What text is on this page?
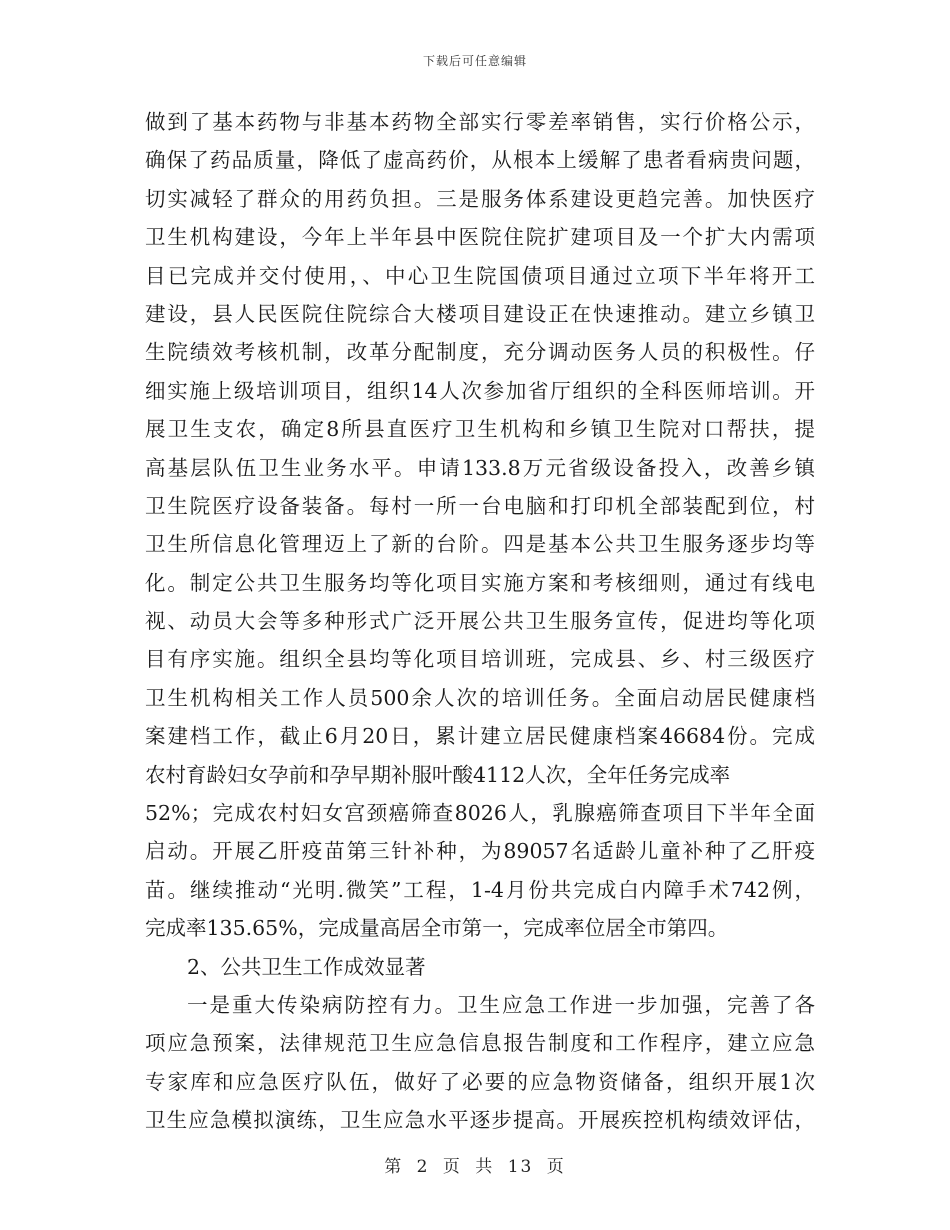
下载后可任意编辑
做到了基本药物与非基本药物全部实行零差率销售，实行价格公示，
确保了药品质量，降低了虚高药价，从根本上缓解了患者看病贵问题，
切实减轻了群众的用药负担。三是服务体系建设更趋完善。加快医疗
卫生机构建设，今年上半年县中医院住院扩建项目及一个扩大内需项
目已完成并交付使用，、中心卫生院国债项目通过立项下半年将开工
建设，县人民医院住院综合大楼项目建设正在快速推动。建立乡镇卫
生院绩效考核机制，改革分配制度，充分调动医务人员的积极性。仔
细实施上级培训项目，组织14人次参加省厅组织的全科医师培训。开
展卫生支农，确定8所县直医疗卫生机构和乡镇卫生院对口帮扶，提
高基层队伍卫生业务水平。申请133.8万元省级设备投入，改善乡镇
卫生院医疗设备装备。每村一所一台电脑和打印机全部装配到位，村
卫生所信息化管理迈上了新的台阶。四是基本公共卫生服务逐步均等
化。制定公共卫生服务均等化项目实施方案和考核细则，通过有线电
视、动员大会等多种形式广泛开展公共卫生服务宣传，促进均等化项
目有序实施。组织全县均等化项目培训班，完成县、乡、村三级医疗
卫生机构相关工作人员500余人次的培训任务。全面启动居民健康档
案建档工作，截止6月20日，累计建立居民健康档案46684份。完成
农村育龄妇女孕前和孕早期补服叶酸4112人次，全年任务完成率
52%；完成农村妇女宫颈癌筛查8026人，乳腺癌筛查项目下半年全面
启动。开展乙肝疫苗第三针补种，为89057名适龄儿童补种了乙肝疫
苗。继续推动“光明.微笑”工程，1-4月份共完成白内障手术742例，
完成率135.65%，完成量高居全市第一，完成率位居全市第四。
2、公共卫生工作成效显著
一是重大传染病防控有力。卫生应急工作进一步加强，完善了各
项应急预案，法律规范卫生应急信息报告制度和工作程序，建立应急
专家库和应急医疗队伍，做好了必要的应急物资储备，组织开展1次
卫生应急模拟演练，卫生应急水平逐步提高。开展疾控机构绩效评估，
第 2 页 共 13 页
